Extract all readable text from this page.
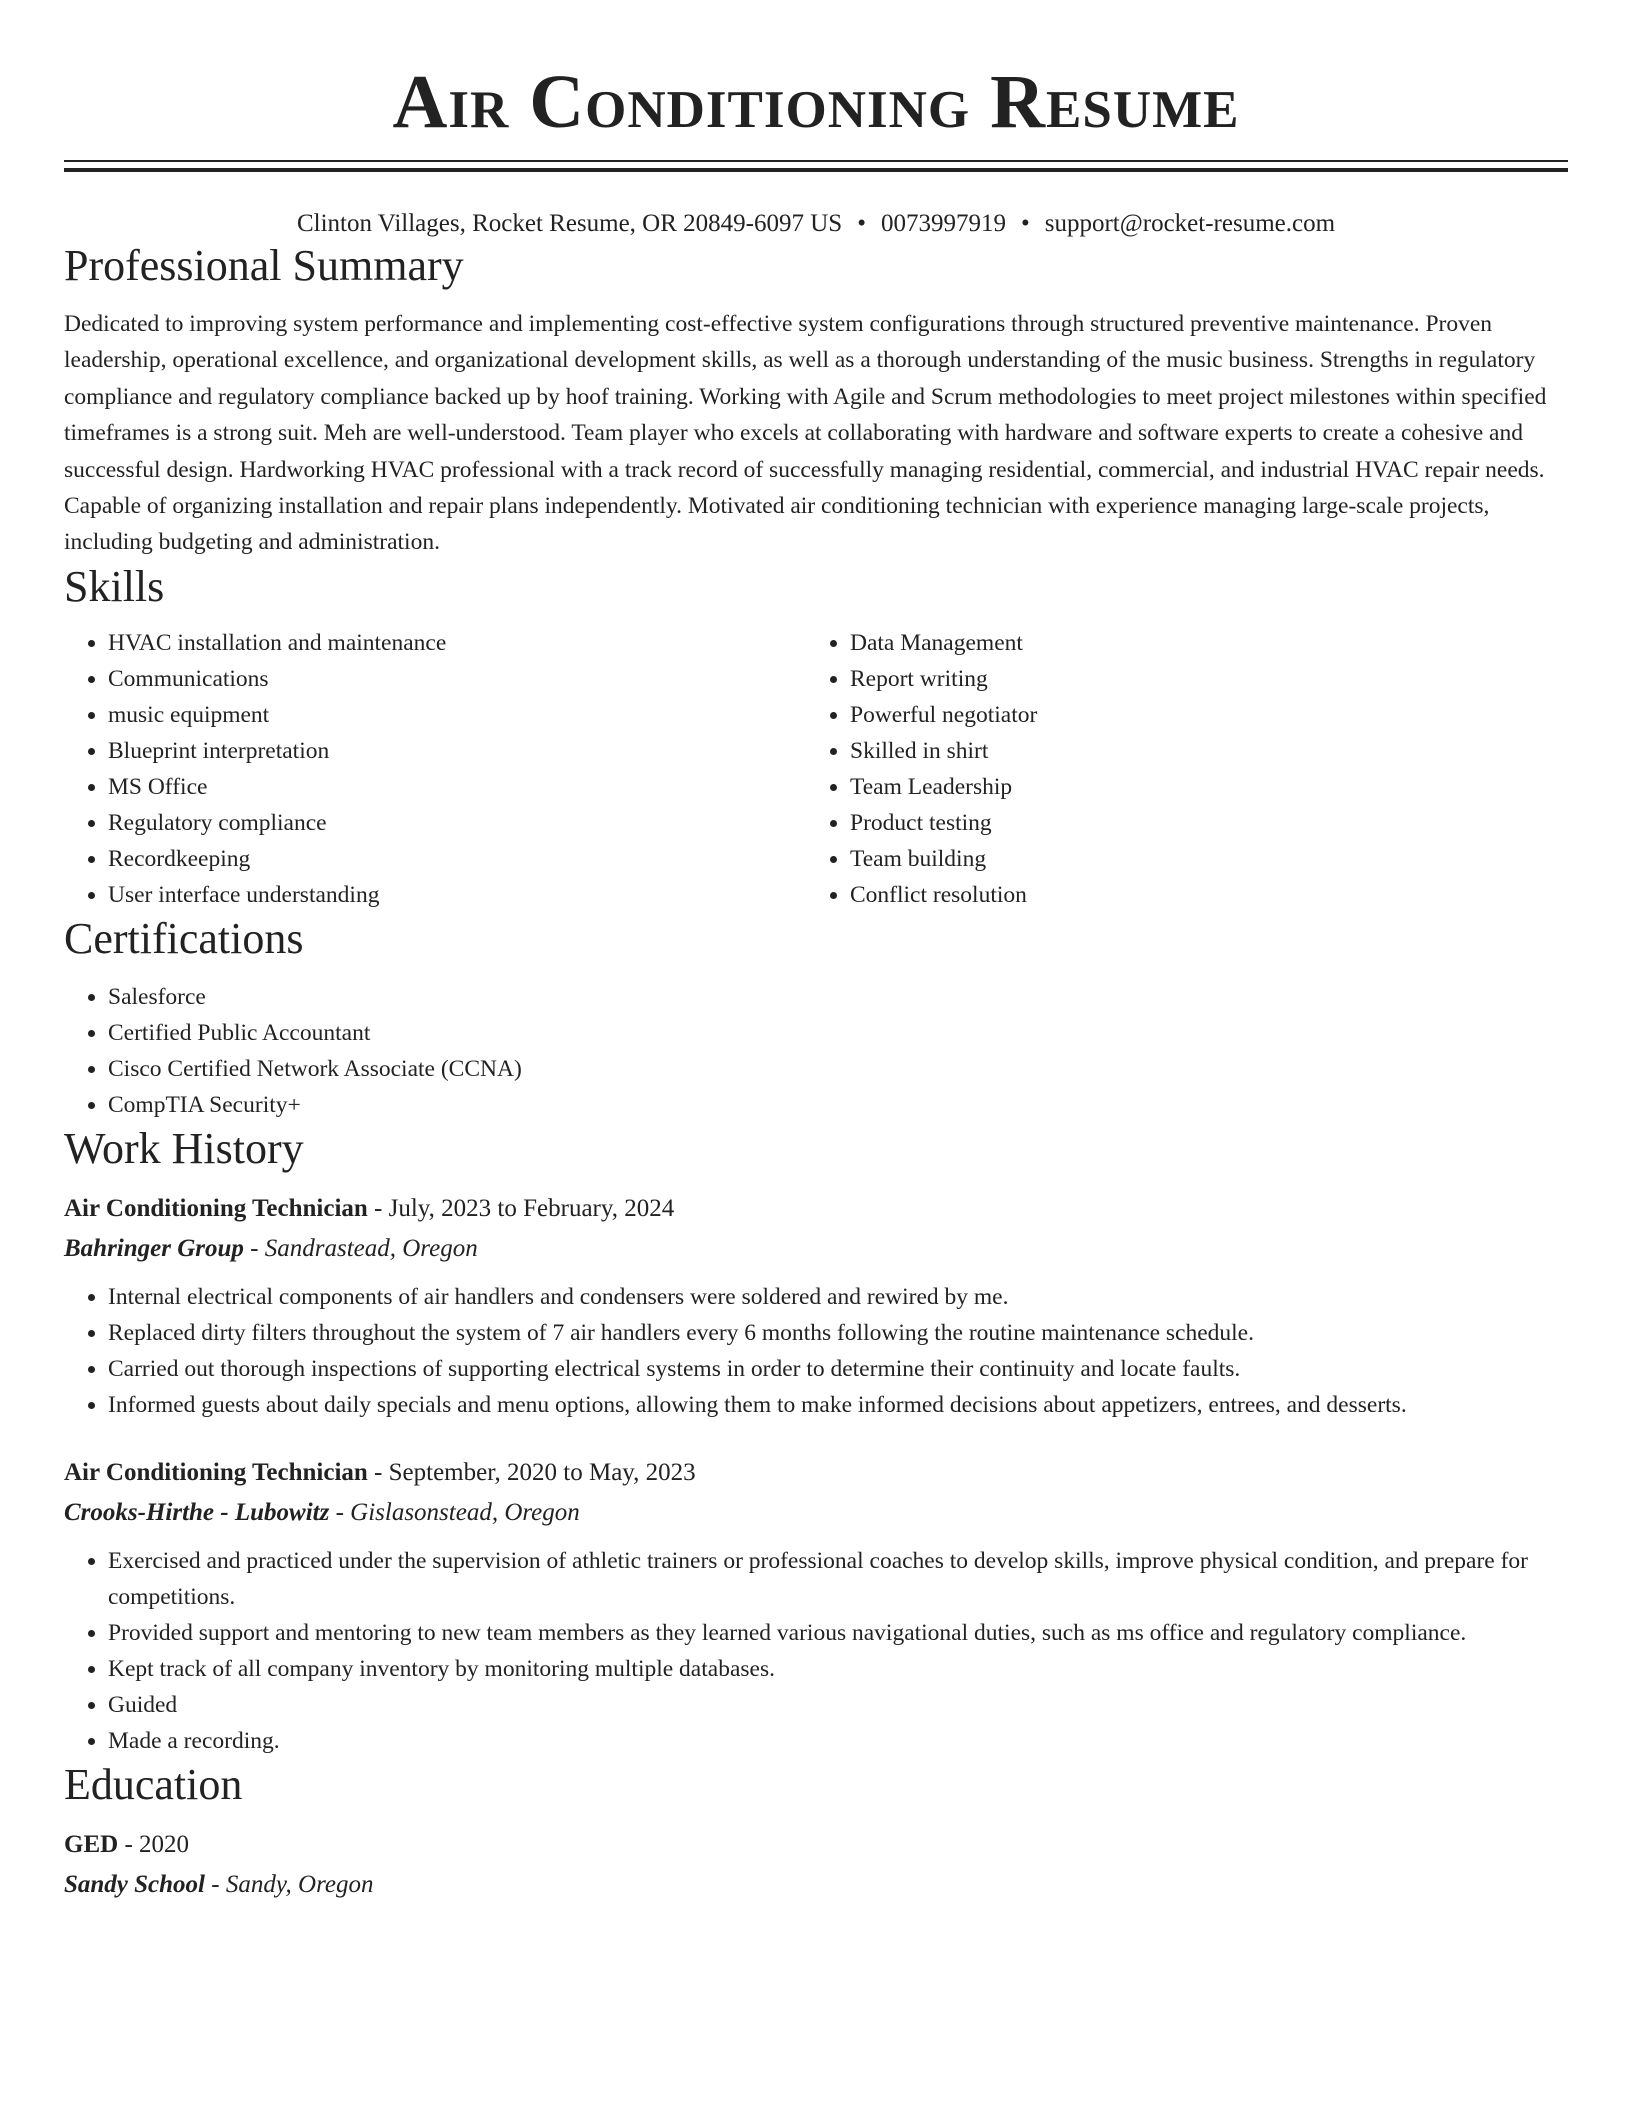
Air Conditioning Resume
Clinton Villages, Rocket Resume, OR 20849-6097 US • 0073997919 • support@rocket-resume.com
Professional Summary

Dedicated to improving system performance and implementing cost-effective system configurations through structured preventive maintenance. Proven leadership, operational excellence, and organizational development skills, as well as a thorough understanding of the music business. Strengths in regulatory compliance and regulatory compliance backed up by hoof training. Working with Agile and Scrum methodologies to meet project milestones within specified timeframes is a strong suit. Meh are well-understood. Team player who excels at collaborating with hardware and software experts to create a cohesive and successful design. Hardworking HVAC professional with a track record of successfully managing residential, commercial, and industrial HVAC repair needs. Capable of organizing installation and repair plans independently. Motivated air conditioning technician with experience managing large-scale projects, including budgeting and administration.

Skills
• HVAC installation and maintenance
• Communications
• music equipment
• Blueprint interpretation
• MS Office
• Regulatory compliance
• Recordkeeping
• User interface understanding
• Data Management
• Report writing
• Powerful negotiator
• Skilled in shirt
• Team Leadership
• Product testing
• Team building
• Conflict resolution
Certifications
• Salesforce
• Certified Public Accountant
• Cisco Certified Network Associate (CCNA)
• CompTIA Security+
Work History
Air Conditioning Technician - July, 2023 to February, 2024
Bahringer Group - Sandrastead, Oregon
• Internal electrical components of air handlers and condensers were soldered and rewired by me.
• Replaced dirty filters throughout the system of 7 air handlers every 6 months following the routine maintenance schedule.
• Carried out thorough inspections of supporting electrical systems in order to determine their continuity and locate faults.
• Informed guests about daily specials and menu options, allowing them to make informed decisions about appetizers, entrees, and desserts.
Air Conditioning Technician - September, 2020 to May, 2023
Crooks-Hirthe - Lubowitz - Gislasonstead, Oregon
• Exercised and practiced under the supervision of athletic trainers or professional coaches to develop skills, improve physical condition, and prepare for competitions.
• Provided support and mentoring to new team members as they learned various navigational duties, such as ms office and regulatory compliance.
• Kept track of all company inventory by monitoring multiple databases.
• Guided
• Made a recording.
Education
GED - 2020
Sandy School - Sandy, Oregon
